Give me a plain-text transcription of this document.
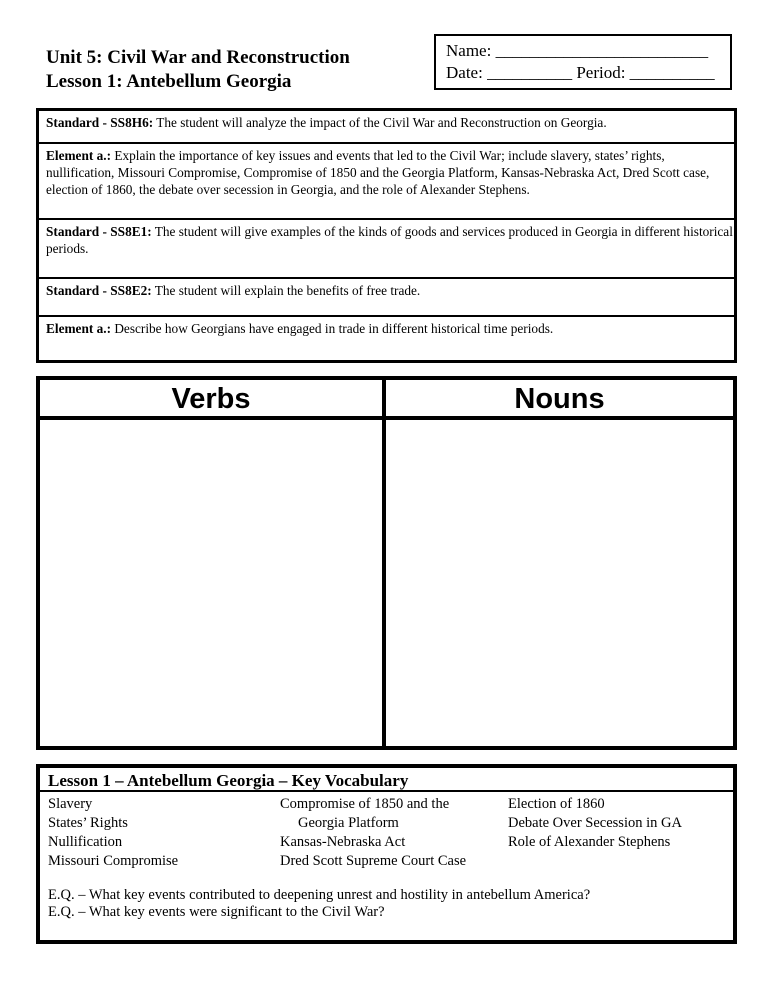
Unit 5: Civil War and Reconstruction
Lesson 1: Antebellum Georgia
Name: _________________________
Date: __________ Period: __________
Standard - SS8H6: The student will analyze the impact of the Civil War and Reconstruction on Georgia.
Element a.: Explain the importance of key issues and events that led to the Civil War; include slavery, states’ rights, nullification, Missouri Compromise, Compromise of 1850 and the Georgia Platform, Kansas-Nebraska Act, Dred Scott case, election of 1860, the debate over secession in Georgia, and the role of Alexander Stephens.
Standard - SS8E1: The student will give examples of the kinds of goods and services produced in Georgia in different historical periods.
Standard - SS8E2: The student will explain the benefits of free trade.
Element a.: Describe how Georgians have engaged in trade in different historical time periods.
Verbs	Nouns
Lesson 1 – Antebellum Georgia – Key Vocabulary
Slavery
States’ Rights
Nullification
Missouri Compromise
Compromise of 1850 and the
Georgia Platform
Kansas-Nebraska Act
Dred Scott Supreme Court Case
Election of 1860
Debate Over Secession in GA
Role of Alexander Stephens
E.Q. – What key events contributed to deepening unrest and hostility in antebellum America?
E.Q. – What key events were significant to the Civil War?
